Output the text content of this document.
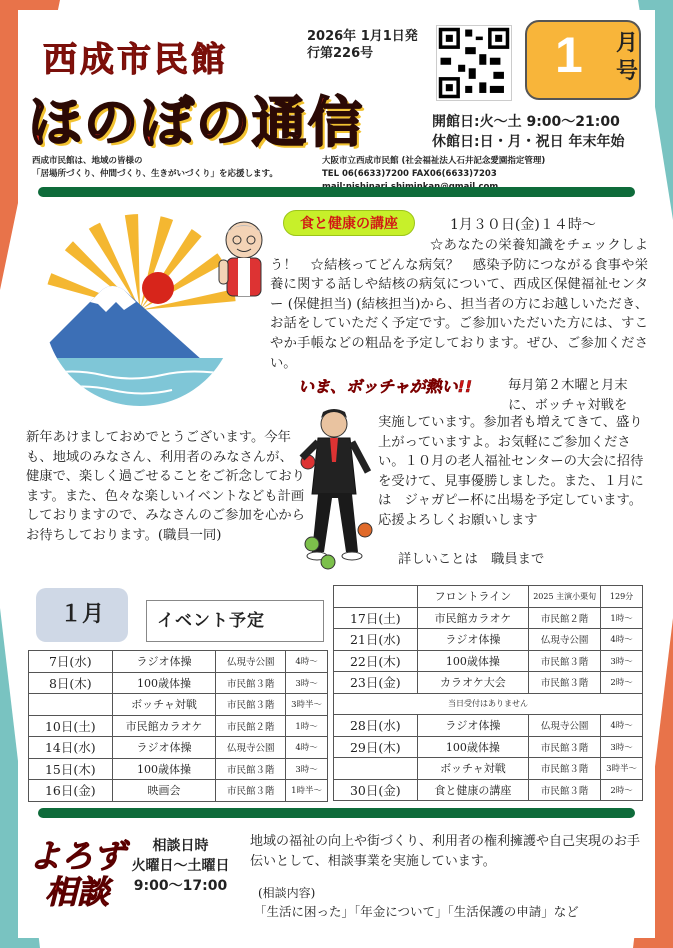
西成市民館
ほのぼの通信
2026年 1月1日発
行第226号	1 月号
開館日:火～土 9:00～21:00
休館日:日・月・祝日 年末年始
西成市民館は、地域の皆様の
「居場所づくり、仲間づくり、生きがいづくり」を応援します。
大阪市立西成市民館 (社会福祉法人石井記念愛園指定管理)
TEL 06(6633)7200 FAX06(6633)7203
食と健康の講座	1月３０日(金)１４時～
☆あなたの栄養知識をチェックしよう！　☆結核ってどんな病気？　感染予防につながる食事や栄養に関する話しや結核の病気について、西成区保健福祉センター (保健担当) (結核担当)から、担当者の方にお越しいただき、お話をしていただく予定です。ご参加いただいた方には、すこやか手帳などの粗品を予定しております。ぜひ、ご参加ください。
いま、ボッチャが熱い!!	毎月第２木曜と月末に、ボッチャ対戦を
実施しています。参加者も増えてきて、盛り上がっていますよ。お気軽にご参加ください。１０月の老人福祉センターの大会に招待を受けて、見事優勝しました。また、１月には　ジャガピー杯に出場を予定しています。応援よろしくお願いします
新年あけましておめでとうございます。今年も、地域のみなさん、利用者のみなさんが、健康で、楽しく過ごせることをご祈念しております。また、色々な楽しいイベントなども計画しておりますので、みなさんのご参加を心からお待ちしております。(職員一同)
詳しいことは　職員まで
１月	イベント予定
7日(水)	ラジオ体操	仏現寺公園	4時～
8日(木)	100歳体操	市民館３階	3時～
	ボッチャ対戦	市民館３階	3時半～
10日(土)	市民館カラオケ	市民館２階	1時～
14日(水)	ラジオ体操	仏現寺公園	4時～
15日(木)	100歳体操	市民館３階	3時～
16日(金)	映画会	市民館３階	1時半～
	フロントライン	2025 主演小栗旬	129分
17日(土)	市民館カラオケ	市民館２階	1時～
21日(水)	ラジオ体操	仏現寺公園	4時～
22日(木)	100歳体操	市民館３階	3時～
23日(金)	カラオケ大会	市民館３階	2時～
当日受付はありません			
28日(水)	ラジオ体操	仏現寺公園	4時～
29日(木)	100歳体操	市民館３階	3時～
	ボッチャ対戦	市民館３階	3時半～
30日(金)	食と健康の講座	市民館３階	2時～
よろず
相談
相談日時
火曜日～土曜日
9:00～17:00
地域の福祉の向上や街づくり、利用者の権利擁護や自己実現のお手伝いとして、相談事業を実施しています。
(相談内容)
「生活に困った」「年金について」「生活保護の申請」など
